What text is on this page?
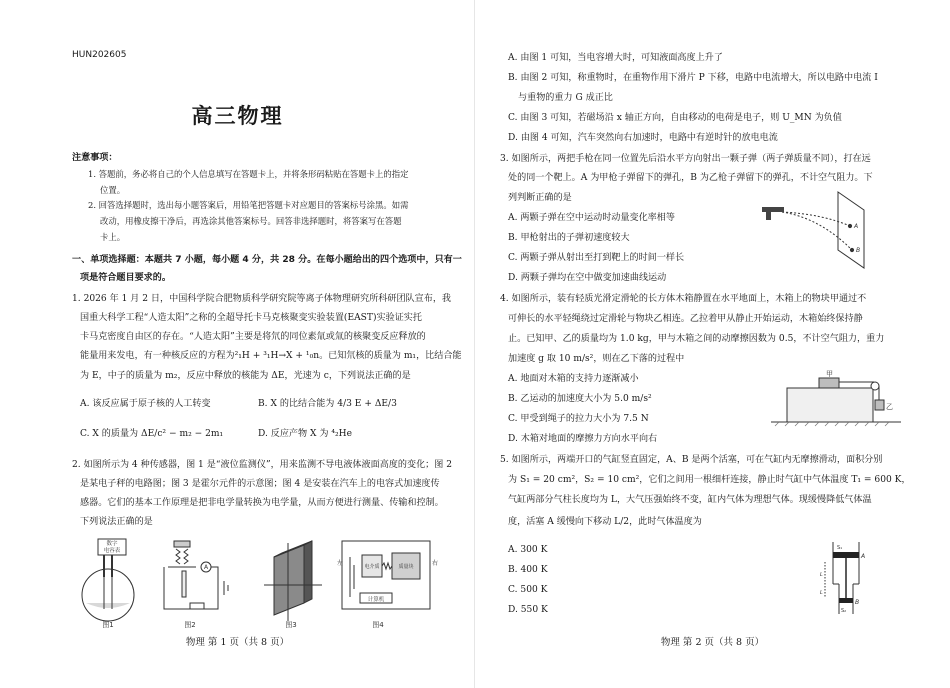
HUN202605
高三物理
注意事项：
1. 答题前，务必将自己的个人信息填写在答题卡上，并将条形码粘贴在答题卡上的指定
位置。
2. 回答选择题时，选出每小题答案后，用铅笔把答题卡对应题目的答案标号涂黑。如需
改动，用橡皮擦干净后，再选涂其他答案标号。回答非选择题时，将答案写在答题
卡上。
一、单项选择题：本题共 7 小题，每小题 4 分，共 28 分。在每小题给出的四个选项中，只有一
项是符合题目要求的。
1. 2026 年 1 月 2 日，中国科学院合肥物质科学研究院等离子体物理研究所科研团队宣布，我
国重大科学工程“人造太阳”之称的全超导托卡马克核聚变实验装置(EAST)实验证实托
卡马克密度自由区的存在。“人造太阳”主要是将氘的同位素氚或氚的核聚变反应释放的
能量用来发电，有一种核反应的方程为²₁H + ³₁H→X + ¹₀n。已知氘核的质量为 m₁，比结合能
为 E，中子的质量为 m₂，反应中释放的核能为 ΔE，光速为 c，下列说法正确的是
A. 该反应属于原子核的人工转变	B. X 的比结合能为 4/3 E + ΔE/3
C. X 的质量为 ΔE/c² − m₂ − 2m₁	D. 反应产物 X 为 ⁴₂He
2. 如图所示为 4 种传感器，图 1 是“液位监测仪”，用来监测不导电液体液面高度的变化；图 2
是某电子秤的电路图；图 3 是霍尔元件的示意图；图 4 是安装在汽车上的电容式加速度传
感器。它们的基本工作原理是把非电学量转换为电学量，从而方便进行测量、传输和控制。
下列说法正确的是
数字
电容表
图1
A
图2	图3
左	右
电介质	质量块
计算机
图4
物理 第 1 页（共 8 页）
A. 由图 1 可知，当电容增大时，可知液面高度上升了
B. 由图 2 可知，称重物时，在重物作用下滑片 P 下移，电路中电流增大，所以电路中电流 I
与重物的重力 G 成正比
C. 由图 3 可知，若磁场沿 x 轴正方向，自由移动的电荷是电子，则 U_MN 为负值
D. 由图 4 可知，汽车突然向右加速时，电路中有逆时针的放电电流
3. 如图所示，两把手枪在同一位置先后沿水平方向射出一颗子弹（两子弹质量不同），打在远
处的同一个靶上。A 为甲枪子弹留下的弹孔，B 为乙枪子弹留下的弹孔，不计空气阻力。下
列判断正确的是
A. 两颗子弹在空中运动时动量变化率相等
B. 甲枪射出的子弹初速度较大
C. 两颗子弹从射出至打到靶上的时间一样长
D. 两颗子弹均在空中做变加速曲线运动
A
B
4. 如图所示，装有轻质光滑定滑轮的长方体木箱静置在水平地面上，木箱上的物块甲通过不
可伸长的水平轻绳绕过定滑轮与物块乙相连。乙拉着甲从静止开始运动，木箱始终保持静
止。已知甲、乙的质量均为 1.0 kg，甲与木箱之间的动摩擦因数为 0.5，不计空气阻力，重力
加速度 g 取 10 m/s²，则在乙下落的过程中
A. 地面对木箱的支持力逐渐减小
B. 乙运动的加速度大小为 5.0 m/s²
C. 甲受到绳子的拉力大小为 7.5 N
D. 木箱对地面的摩擦力方向水平向右
甲
乙
5. 如图所示，两端开口的气缸竖直固定，A、B 是两个活塞，可在气缸内无摩擦滑动，面积分别
为 S₁ = 20 cm²，S₂ = 10 cm²，它们之间用一根细杆连接，静止时气缸中气体温度 T₁ = 600 K，
气缸两部分气柱长度均为 L，大气压强始终不变，缸内气体为理想气体。现缓慢降低气体温
度，活塞 A 缓慢向下移动 L/2，此时气体温度为
A. 300 K
B. 400 K
C. 500 K
D. 550 K
A
B
S₁
S₂
L
L
物理 第 2 页（共 8 页）
